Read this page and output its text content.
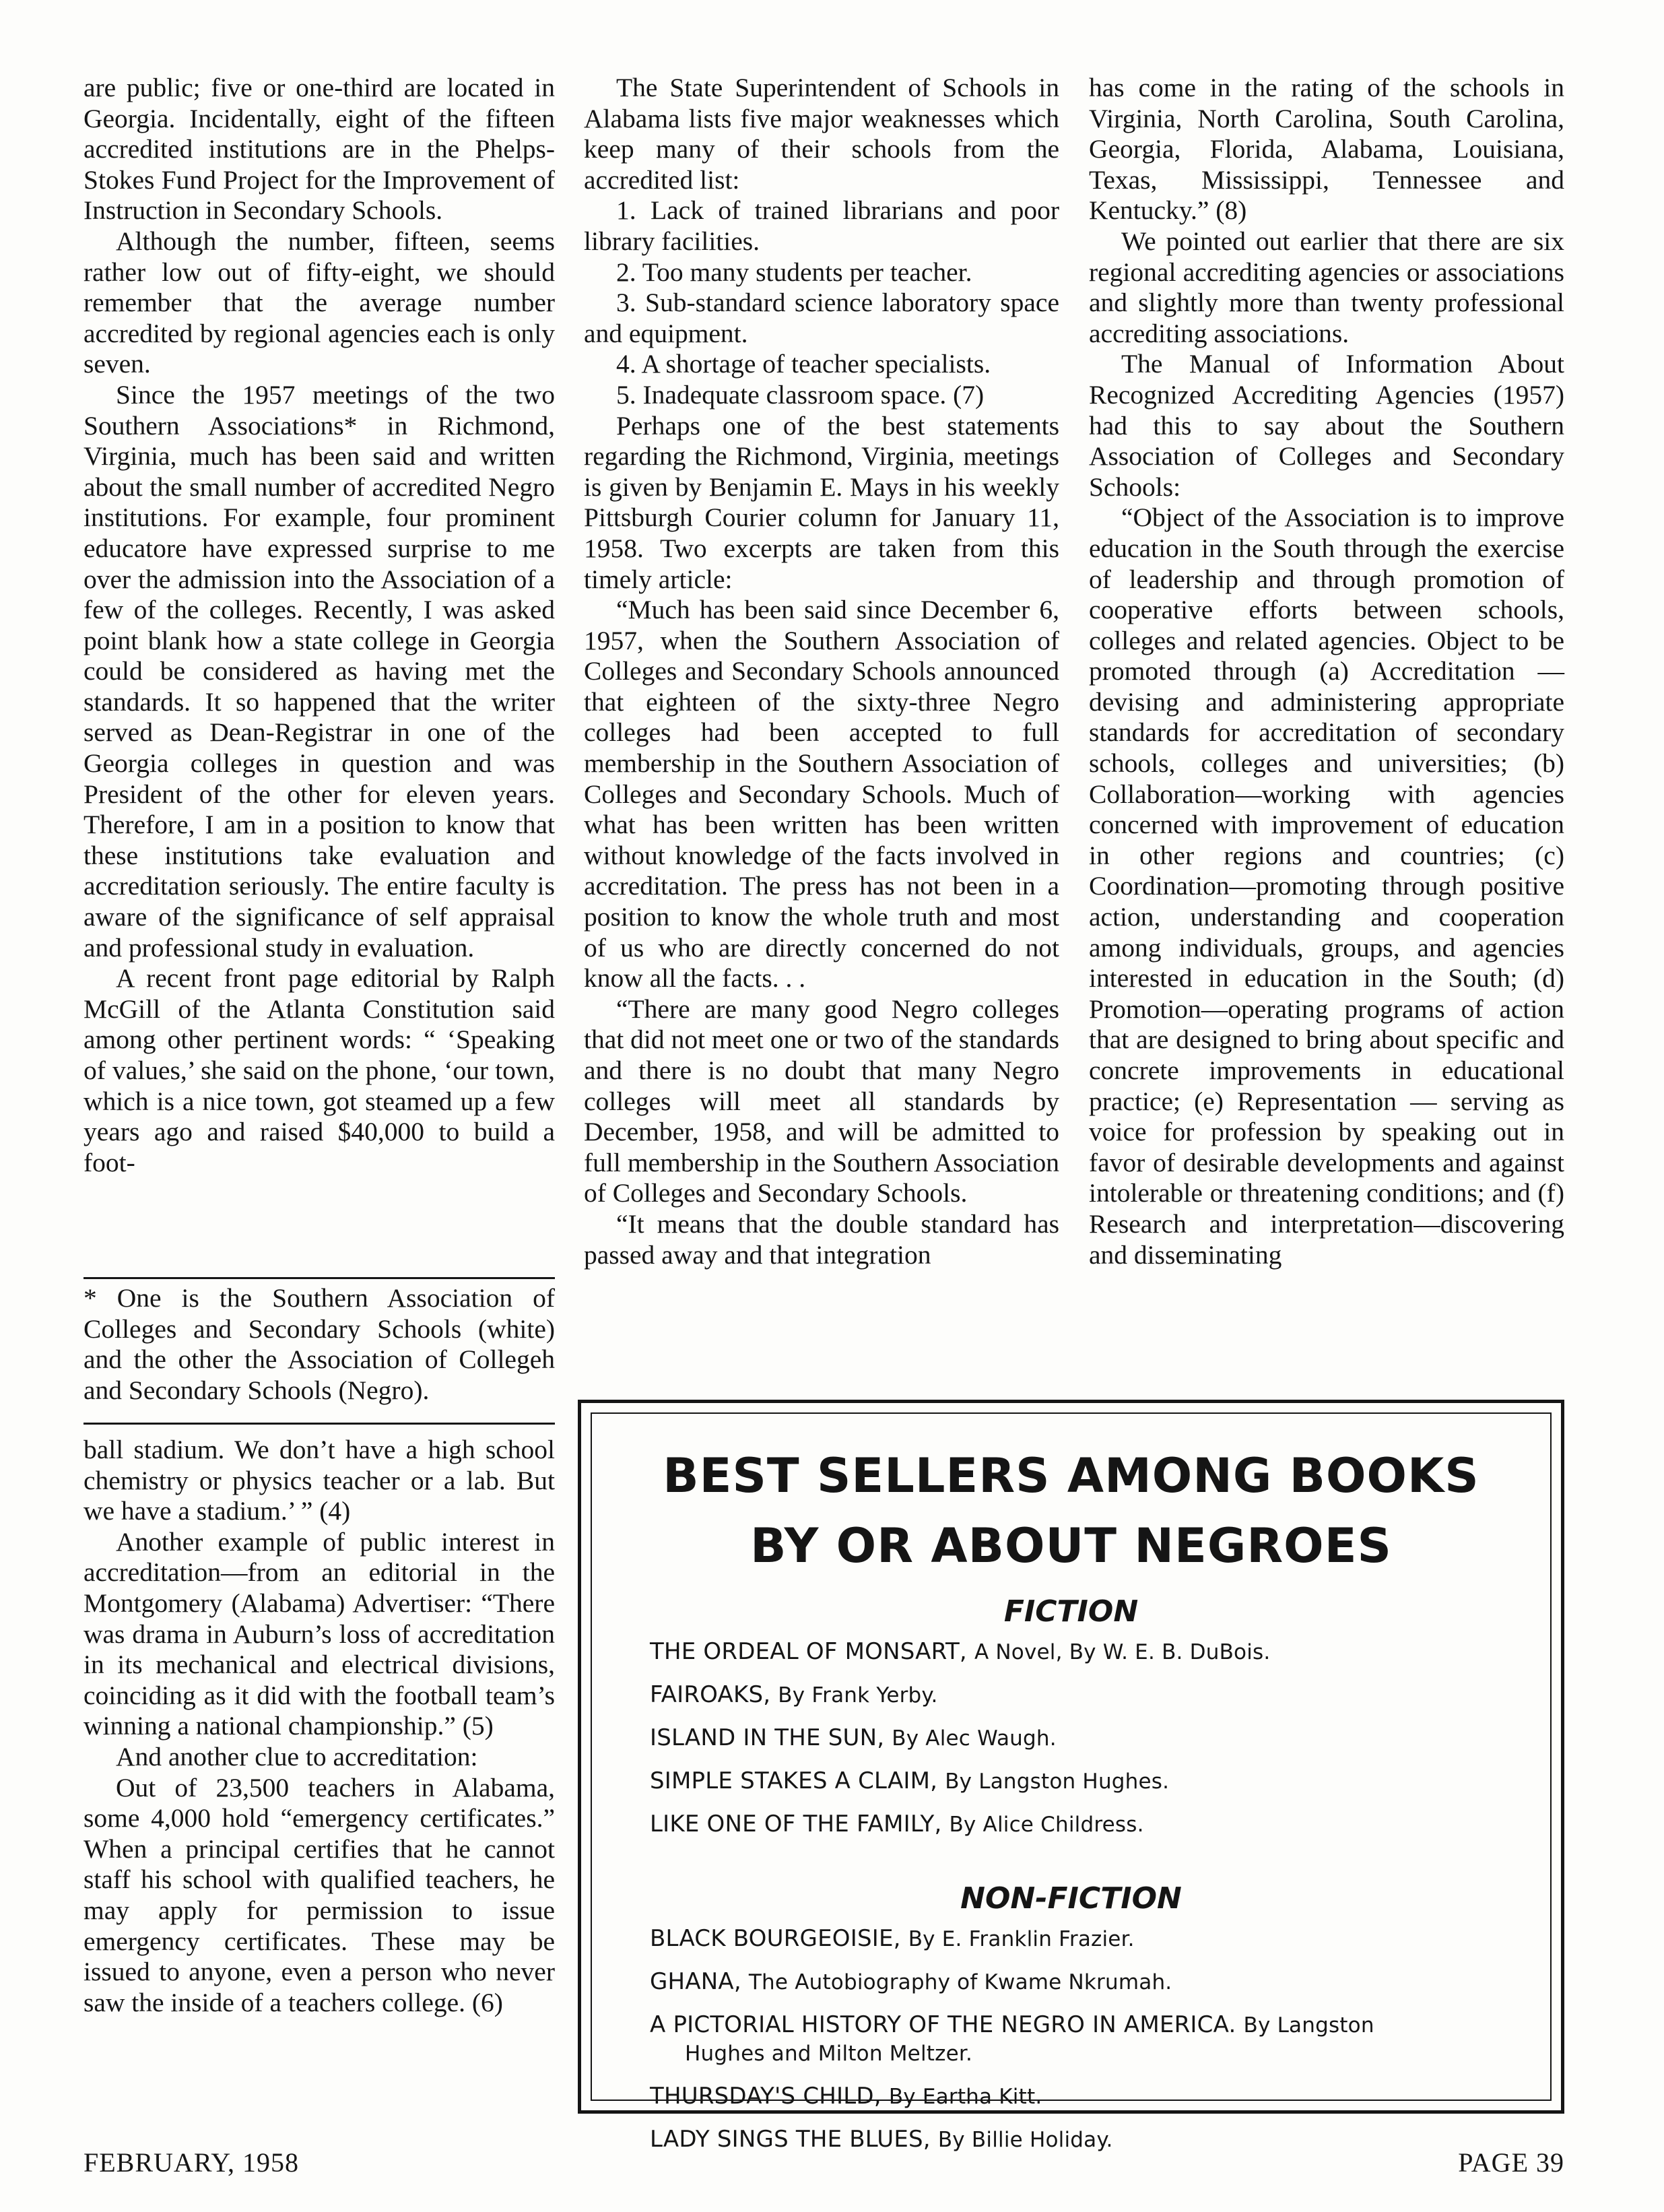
are public; five or one-third are located in Georgia. Incidentally, eight of the fifteen accredited institutions are in the Phelps-Stokes Fund Project for the Improvement of Instruction in Secondary Schools.

Although the number, fifteen, seems rather low out of fifty-eight, we should remember that the average number accredited by regional agencies each is only seven.

Since the 1957 meetings of the two Southern Associations* in Richmond, Virginia, much has been said and written about the small number of accredited Negro institutions. For example, four prominent educatore have expressed surprise to me over the admission into the Association of a few of the colleges. Recently, I was asked point blank how a state college in Georgia could be considered as having met the standards. It so happened that the writer served as Dean-Registrar in one of the Georgia colleges in question and was President of the other for eleven years. Therefore, I am in a position to know that these institutions take evaluation and accreditation seriously. The entire faculty is aware of the significance of self appraisal and professional study in evaluation.

A recent front page editorial by Ralph McGill of the Atlanta Constitution said among other pertinent words: “ ‘Speaking of values,’ she said on the phone, ‘our town, which is a nice town, got steamed up a few years ago and raised $40,000 to build a foot-

* One is the Southern Association of Colleges and Secondary Schools (white) and the other the Association of Collegeh and Secondary Schools (Negro).

ball stadium. We don’t have a high school chemistry or physics teacher or a lab. But we have a stadium.’ ” (4)

Another example of public interest in accreditation—from an editorial in the Montgomery (Alabama) Advertiser: “There was drama in Auburn’s loss of accreditation in its mechanical and electrical divisions, coinciding as it did with the football team’s winning a national championship.” (5)

And another clue to accreditation:

Out of 23,500 teachers in Alabama, some 4,000 hold “emergency certificates.” When a principal certifies that he cannot staff his school with qualified teachers, he may apply for permission to issue emergency certificates. These may be issued to anyone, even a person who never saw the inside of a teachers college. (6)

The State Superintendent of Schools in Alabama lists five major weaknesses which keep many of their schools from the accredited list:

1. Lack of trained librarians and poor library facilities.

2. Too many students per teacher.

3. Sub-standard science laboratory space and equipment.

4. A shortage of teacher specialists.

5. Inadequate classroom space. (7)

Perhaps one of the best statements regarding the Richmond, Virginia, meetings is given by Benjamin E. Mays in his weekly Pittsburgh Courier column for January 11, 1958. Two excerpts are taken from this timely article:

“Much has been said since December 6, 1957, when the Southern Association of Colleges and Secondary Schools announced that eighteen of the sixty-three Negro colleges had been accepted to full membership in the Southern Association of Colleges and Secondary Schools. Much of what has been written has been written without knowledge of the facts involved in accreditation. The press has not been in a position to know the whole truth and most of us who are directly concerned do not know all the facts. . .

“There are many good Negro colleges that did not meet one or two of the standards and there is no doubt that many Negro colleges will meet all standards by December, 1958, and will be admitted to full membership in the Southern Association of Colleges and Secondary Schools.

“It means that the double standard has passed away and that integration

has come in the rating of the schools in Virginia, North Carolina, South Carolina, Georgia, Florida, Alabama, Louisiana, Texas, Mississippi, Tennessee and Kentucky.” (8)

We pointed out earlier that there are six regional accrediting agencies or associations and slightly more than twenty professional accrediting associations.

The Manual of Information About Recognized Accrediting Agencies (1957) had this to say about the Southern Association of Colleges and Secondary Schools:

“Object of the Association is to improve education in the South through the exercise of leadership and through promotion of cooperative efforts between schools, colleges and related agencies. Object to be promoted through (a) Accreditation — devising and administering appropriate standards for accreditation of secondary schools, colleges and universities; (b) Collaboration—working with agencies concerned with improvement of education in other regions and countries; (c) Coordination—promoting through positive action, understanding and cooperation among individuals, groups, and agencies interested in education in the South; (d) Promotion—operating programs of action that are designed to bring about specific and concrete improvements in educational practice; (e) Representation — serving as voice for profession by speaking out in favor of desirable developments and against intolerable or threatening conditions; and (f) Research and interpretation—discovering and disseminating

BEST SELLERS AMONG BOOKS
BY OR ABOUT NEGROES
FICTION
NON-FICTION
THE ORDEAL OF MONSART, A Novel, By W. E. B. DuBois.
FAIROAKS, By Frank Yerby.
ISLAND IN THE SUN, By Alec Waugh.
SIMPLE STAKES A CLAIM, By Langston Hughes.
LIKE ONE OF THE FAMILY, By Alice Childress.
BLACK BOURGEOISIE, By E. Franklin Frazier.
GHANA, The Autobiography of Kwame Nkrumah.
A PICTORIAL HISTORY OF THE NEGRO IN AMERICA. By Langston
Hughes and Milton Meltzer.
THURSDAY'S CHILD, By Eartha Kitt.
LADY SINGS THE BLUES, By Billie Holiday.
FEBRUARY, 1958	PAGE 39
